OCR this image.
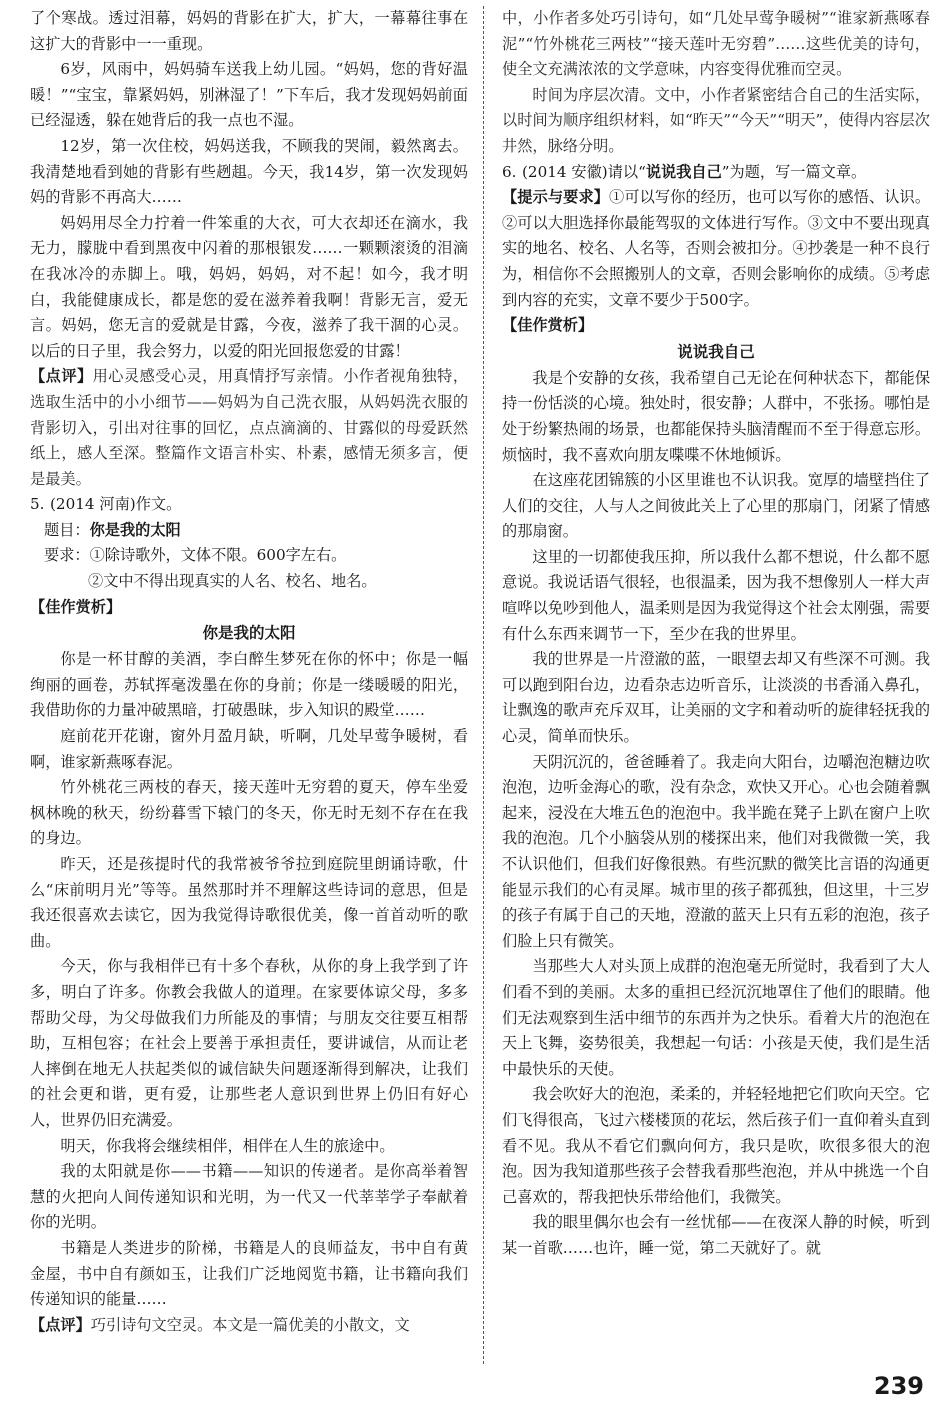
了个寒战。透过泪幕，妈妈的背影在扩大，扩大，一幕幕往事在这扩大的背影中一一重现。

6岁，风雨中，妈妈骑车送我上幼儿园。“妈妈，您的背好温暖！”“宝宝，靠紧妈妈，别淋湿了！”下车后，我才发现妈妈前面已经湿透，躲在她背后的我一点也不湿。

12岁，第一次住校，妈妈送我，不顾我的哭闹，毅然离去。我清楚地看到她的背影有些趔趄。今天，我14岁，第一次发现妈妈的背影不再高大……

妈妈用尽全力拧着一件笨重的大衣，可大衣却还在滴水，我无力，朦胧中看到黑夜中闪着的那根银发……一颗颗滚烫的泪滴在我冰冷的赤脚上。哦，妈妈，妈妈，对不起！如今，我才明白，我能健康成长，都是您的爱在滋养着我啊！背影无言，爱无言。妈妈，您无言的爱就是甘露，今夜，滋养了我干涸的心灵。以后的日子里，我会努力，以爱的阳光回报您爱的甘露！

【点评】用心灵感受心灵，用真情抒写亲情。小作者视角独特，选取生活中的小小细节——妈妈为自己洗衣服，从妈妈洗衣服的背影切入，引出对往事的回忆，点点滴滴的、甘露似的母爱跃然纸上，感人至深。整篇作文语言朴实、朴素，感情无须多言，便是最美。

5. (2014 河南)作文。
题目：你是我的太阳
要求：①除诗歌外，文体不限。600字左右。
②文中不得出现真实的人名、校名、地名。
【佳作赏析】
你是我的太阳

你是一杯甘醇的美酒，李白醉生梦死在你的怀中；你是一幅绚丽的画卷，苏轼挥毫泼墨在你的身前；你是一缕暖暖的阳光，我借助你的力量冲破黑暗，打破愚昧，步入知识的殿堂……

庭前花开花谢，窗外月盈月缺，听啊，几处早莺争暖树，看啊，谁家新燕啄春泥。

竹外桃花三两枝的春天，接天莲叶无穷碧的夏天，停车坐爱枫林晚的秋天，纷纷暮雪下辕门的冬天，你无时无刻不存在在我的身边。

昨天，还是孩提时代的我常被爷爷拉到庭院里朗诵诗歌，什么“床前明月光”等等。虽然那时并不理解这些诗词的意思，但是我还很喜欢去读它，因为我觉得诗歌很优美，像一首首动听的歌曲。

今天，你与我相伴已有十多个春秋，从你的身上我学到了许多，明白了许多。你教会我做人的道理。在家要体谅父母，多多帮助父母，为父母做我们力所能及的事情；与朋友交往要互相帮助，互相包容；在社会上要善于承担责任，要讲诚信，从而让老人摔倒在地无人扶起类似的诚信缺失问题逐渐得到解决，让我们的社会更和谐，更有爱，让那些老人意识到世界上仍旧有好心人，世界仍旧充满爱。

明天，你我将会继续相伴，相伴在人生的旅途中。

我的太阳就是你——书籍——知识的传递者。是你高举着智慧的火把向人间传递知识和光明，为一代又一代莘莘学子奉献着你的光明。

书籍是人类进步的阶梯，书籍是人的良师益友，书中自有黄金屋，书中自有颜如玉，让我们广泛地阅览书籍，让书籍向我们传递知识的能量……

【点评】巧引诗句文空灵。本文是一篇优美的小散文，文

中，小作者多处巧引诗句，如“几处早莺争暖树”“谁家新燕啄春泥”“竹外桃花三两枝”“接天莲叶无穷碧”……这些优美的诗句，使全文充满浓浓的文学意味，内容变得优雅而空灵。

时间为序层次清。文中，小作者紧密结合自己的生活实际，以时间为顺序组织材料，如“昨天”“今天”“明天”，使得内容层次井然，脉络分明。

6. (2014 安徽)请以“说说我自己”为题，写一篇文章。

【提示与要求】①可以写你的经历，也可以写你的感悟、认识。②可以大胆选择你最能驾驭的文体进行写作。③文中不要出现真实的地名、校名、人名等，否则会被扣分。④抄袭是一种不良行为，相信你不会照搬别人的文章，否则会影响你的成绩。⑤考虑到内容的充实，文章不要少于500字。

【佳作赏析】
说说我自己

我是个安静的女孩，我希望自己无论在何种状态下，都能保持一份恬淡的心境。独处时，很安静；人群中，不张扬。哪怕是处于纷繁热闹的场景，也都能保持头脑清醒而不至于得意忘形。烦恼时，我不喜欢向朋友喋喋不休地倾诉。

在这座花团锦簇的小区里谁也不认识我。宽厚的墙壁挡住了人们的交往，人与人之间彼此关上了心里的那扇门，闭紧了情感的那扇窗。

这里的一切都使我压抑，所以我什么都不想说，什么都不愿意说。我说话语气很轻，也很温柔，因为我不想像别人一样大声喧哗以免吵到他人，温柔则是因为我觉得这个社会太刚强，需要有什么东西来调节一下，至少在我的世界里。

我的世界是一片澄澈的蓝，一眼望去却又有些深不可测。我可以跑到阳台边，边看杂志边听音乐，让淡淡的书香涌入鼻孔，让飘逸的歌声充斥双耳，让美丽的文字和着动听的旋律轻抚我的心灵，简单而快乐。

天阴沉沉的，爸爸睡着了。我走向大阳台，边嚼泡泡糖边吹泡泡，边听金海心的歌，没有杂念，欢快又开心。心也会随着飘起来，浸没在大堆五色的泡泡中。我半跪在凳子上趴在窗户上吹我的泡泡。几个小脑袋从别的楼探出来，他们对我微微一笑，我不认识他们，但我们好像很熟。有些沉默的微笑比言语的沟通更能显示我们的心有灵犀。城市里的孩子都孤独，但这里，十三岁的孩子有属于自己的天地，澄澈的蓝天上只有五彩的泡泡，孩子们脸上只有微笑。

当那些大人对头顶上成群的泡泡毫无所觉时，我看到了大人们看不到的美丽。太多的重担已经沉沉地罩住了他们的眼睛。他们无法观察到生活中细节的东西并为之快乐。看着大片的泡泡在天上飞舞，姿势很美，我想起一句话：小孩是天使，我们是生活中最快乐的天使。

我会吹好大的泡泡，柔柔的，并轻轻地把它们吹向天空。它们飞得很高，飞过六楼楼顶的花坛，然后孩子们一直仰着头直到看不见。我从不看它们飘向何方，我只是吹，吹很多很大的泡泡。因为我知道那些孩子会替我看那些泡泡，并从中挑选一个自己喜欢的，帮我把快乐带给他们，我微笑。

我的眼里偶尔也会有一丝忧郁——在夜深人静的时候，听到某一首歌……也许，睡一觉，第二天就好了。就

239
